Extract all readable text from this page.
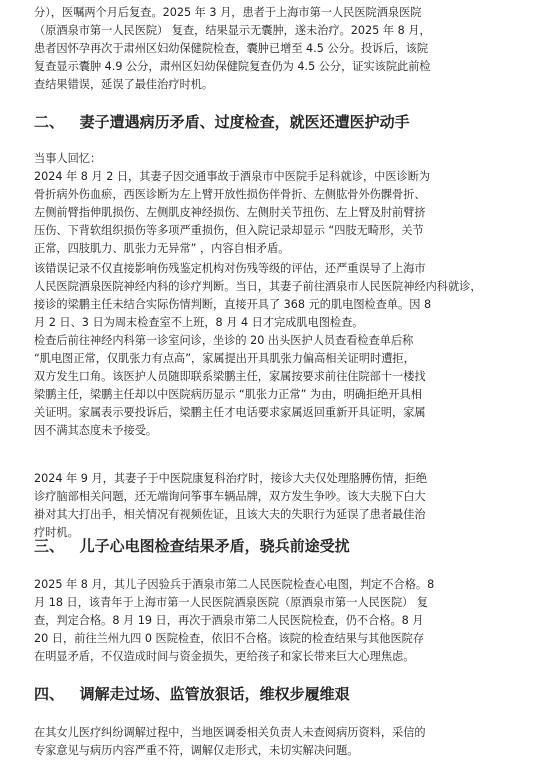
分），医嘱两个月后复查。2025 年 3 月，患者于上海市第一人民医院酒泉医院
（原酒泉市第一人民医院） 复查，结果显示无囊肿，遂未治疗。2025 年 8 月，
患者因怀孕再次于肃州区妇幼保健院检查，囊肿已增至 4.5 公分。投诉后，该院
复查显示囊肿 4.9 公分，肃州区妇幼保健院复查仍为 4.5 公分，证实该院此前检
查结果错误，延误了最佳治疗时机。
二、   妻子遭遇病历矛盾、过度检查，就医还遭医护动手
当事人回忆：
2024 年 8 月 2 日，其妻子因交通事故于酒泉市中医院手足科就诊，中医诊断为
骨折病外伤血瘀，西医诊断为左上臂开放性损伤伴骨折、左侧肱骨外伤髁骨折、
左侧前臂指伸肌损伤、左侧肌皮神经损伤、左侧肘关节扭伤、左上臂及肘前臂挤
压伤、下背软组织损伤等多项严重损伤，但入院记录却显示 “四肢无畸形，关节
正常，四肢肌力、肌张力无异常” ，内容自相矛盾。
该错误记录不仅直接影响伤残鉴定机构对伤残等级的评估，还严重误导了上海市
人民医院酒泉医院神经内科的诊疗判断。当日，其妻子前往酒泉市人民医院神经内科就诊，
接诊的梁鹏主任未结合实际伤情判断，直接开具了 368 元的肌电图检查单。因 8
月 2 日、3 日为周末检查室不上班，8 月 4 日才完成肌电图检查。
检查后前往神经内科第一诊室问诊，坐诊的 20 出头医护人员查看检查单后称
“肌电图正常，仅肌张力有点高”，家属提出开具肌张力偏高相关证明时遭拒，
双方发生口角。该医护人员随即联系梁鹏主任，家属按要求前往住院部十一楼找
梁鹏主任，梁鹏主任却以中医院病历显示 “肌张力正常” 为由，明确拒绝开具相
关证明。家属表示要投诉后，梁鹏主任才电话要求家属返回重新开具证明，家属
因不满其态度未予接受。
2024 年 9 月，其妻子于中医院康复科治疗时，接诊大夫仅处理胳膊伤情，拒绝
诊疗脑部相关问题，还无端询问筝事车辆品牌，双方发生争吵。该大夫脱下白大
褂对其大打出手，相关情况有视频佐证，且该大夫的失职行为延误了患者最佳治
疗时机。
三、   儿子心电图检查结果矛盾，骁兵前途受扰
2025 年 8 月，其儿子因验兵于酒泉市第二人民医院检查心电图，判定不合格。8
月 18 日，该青年于上海市第一人民医院酒泉医院（原酒泉市第一人民医院） 复
查，判定合格。8 月 19 日，再次于酒泉市第二人民医院检查，仍不合格。8 月
20 日，前往兰州九四 0 医院检查，依旧不合格。该院的检查结果与其他医院存
在明显矛盾，不仅造成时间与资金损失，更给孩子和家长带来巨大心理焦虑。
四、   调解走过场、监管放狠话，维权步履维艰
在其女儿医疗纠纷调解过程中，当地医调委相关负责人未查阅病历资料，采信的
专家意见与病历内容严重不符，调解仅走形式，未切实解决问题。
